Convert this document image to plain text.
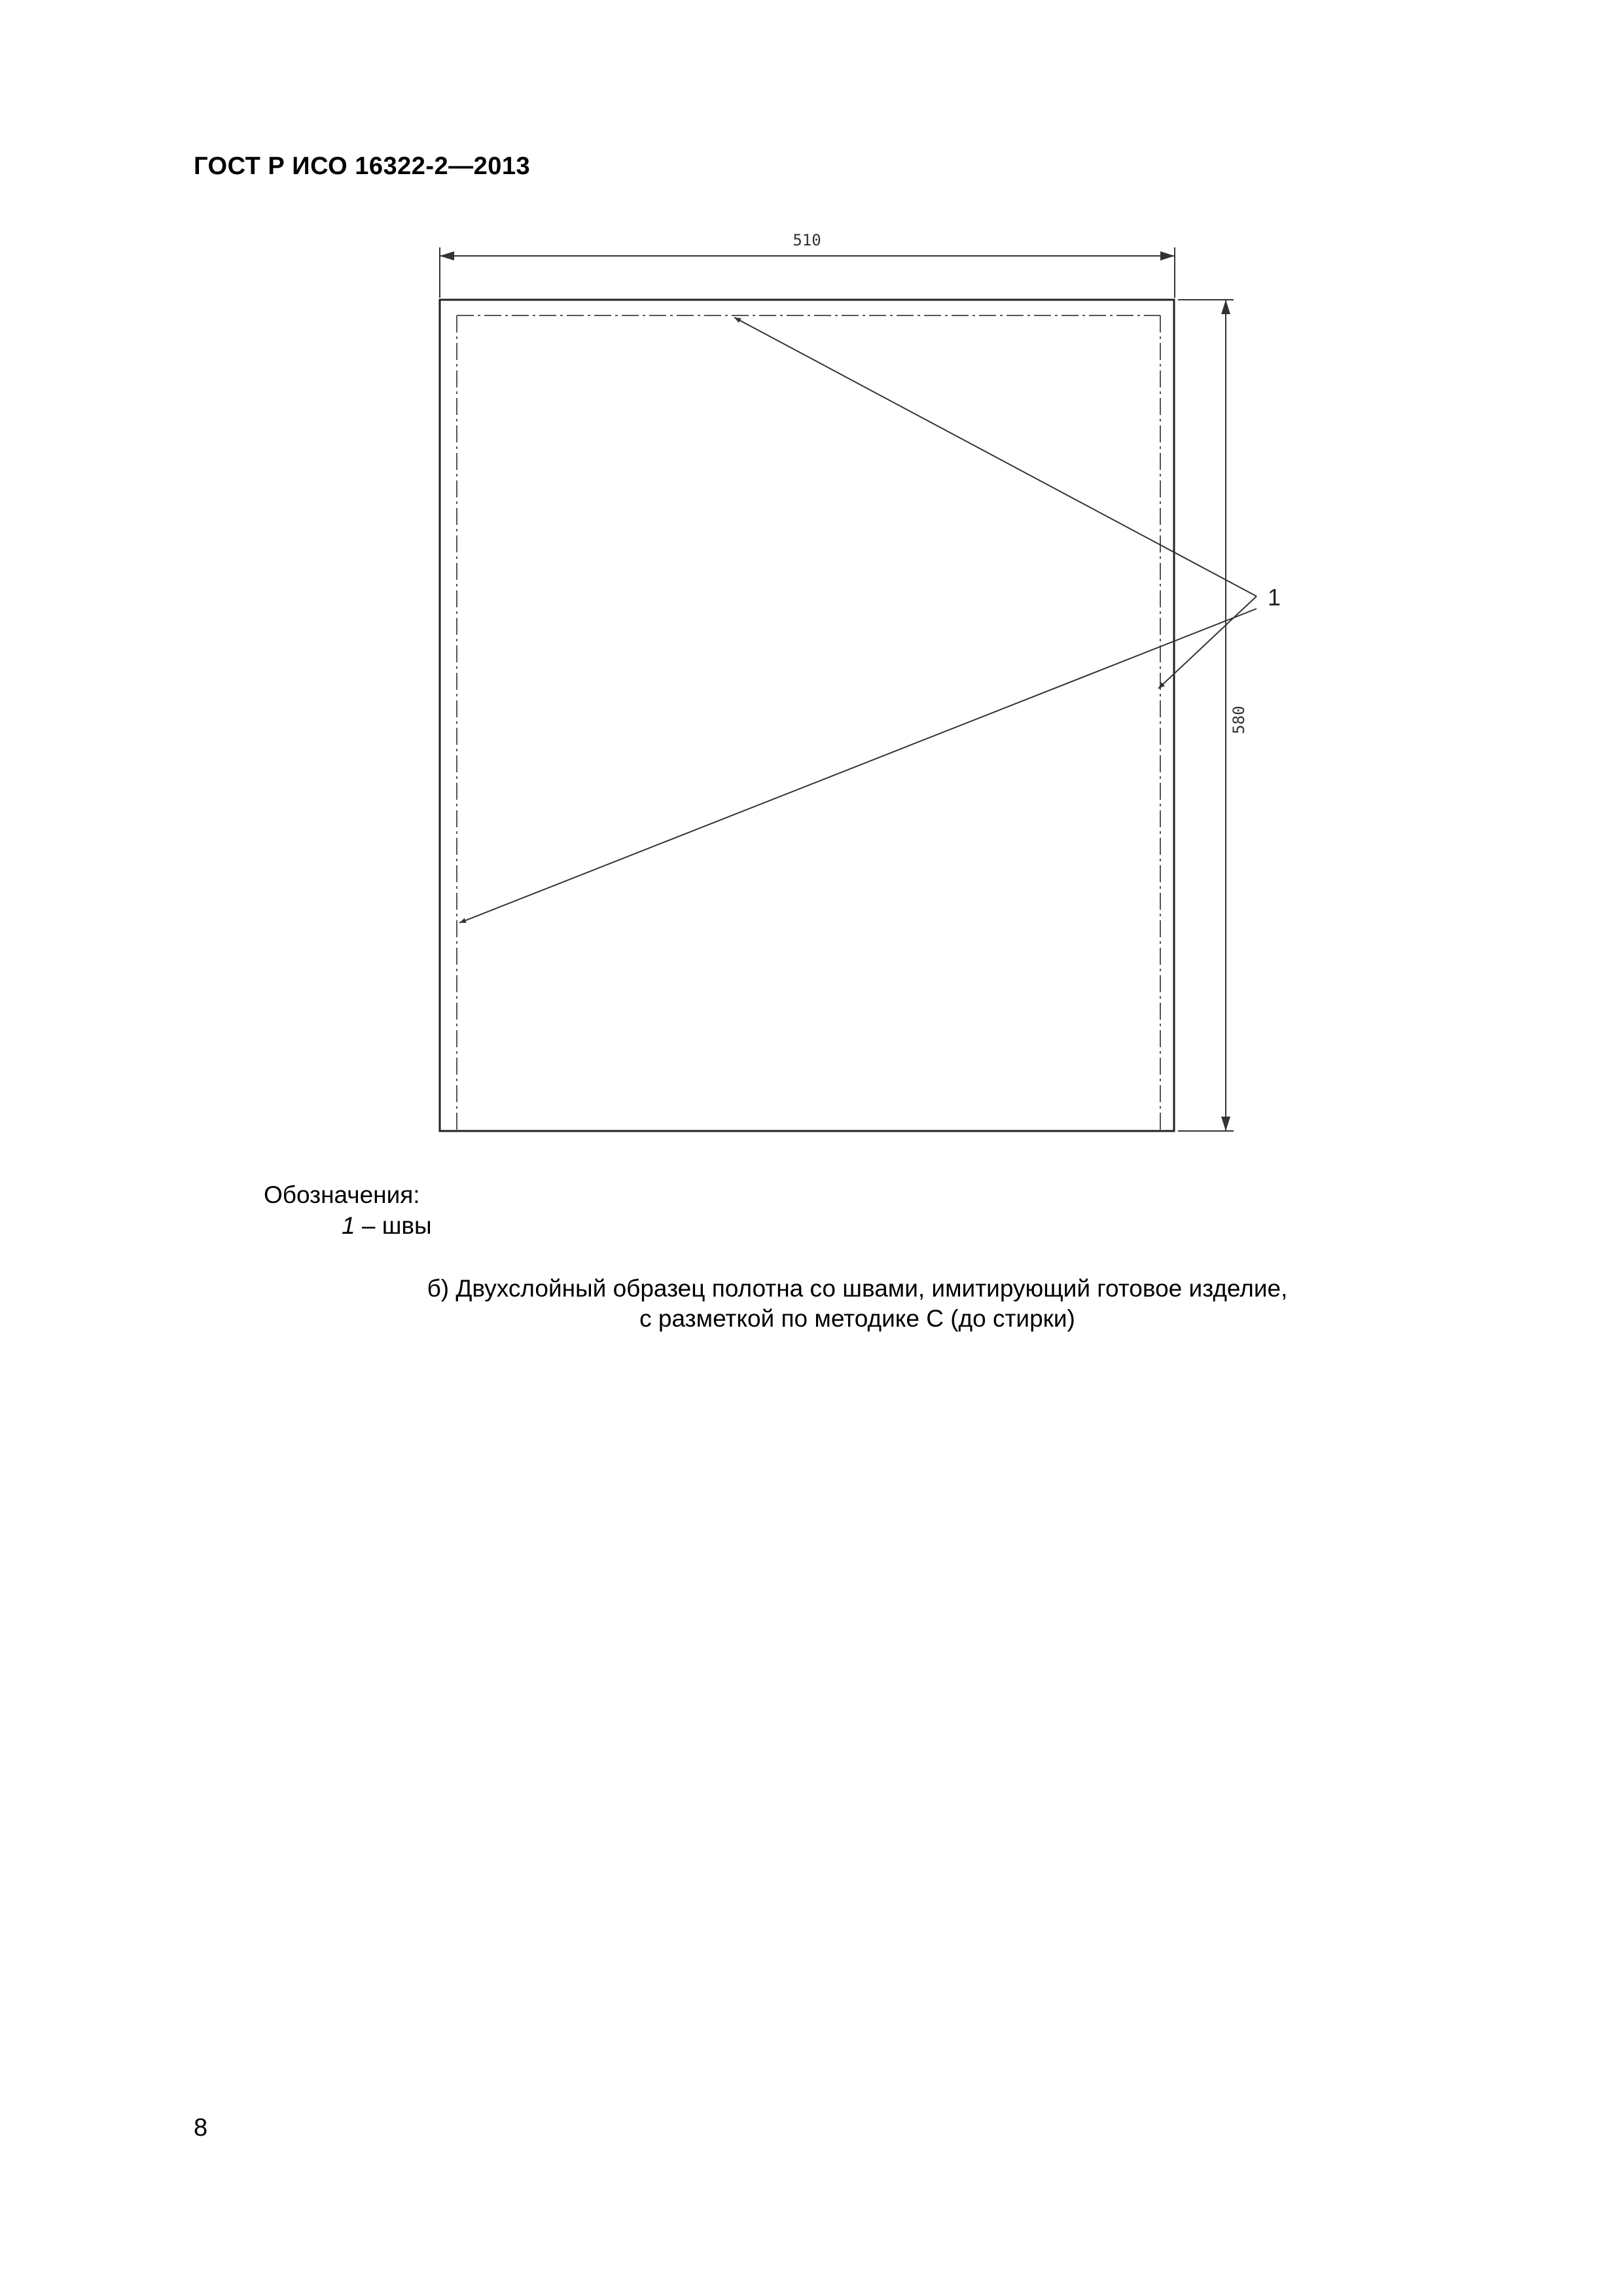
ГОСТ Р ИСО 16322-2—2013
510
580
1
Обозначения:
1 – швы
б) Двухслойный образец полотна со швами, имитирующий готовое изделие,
с разметкой по методике С (до стирки)
8
